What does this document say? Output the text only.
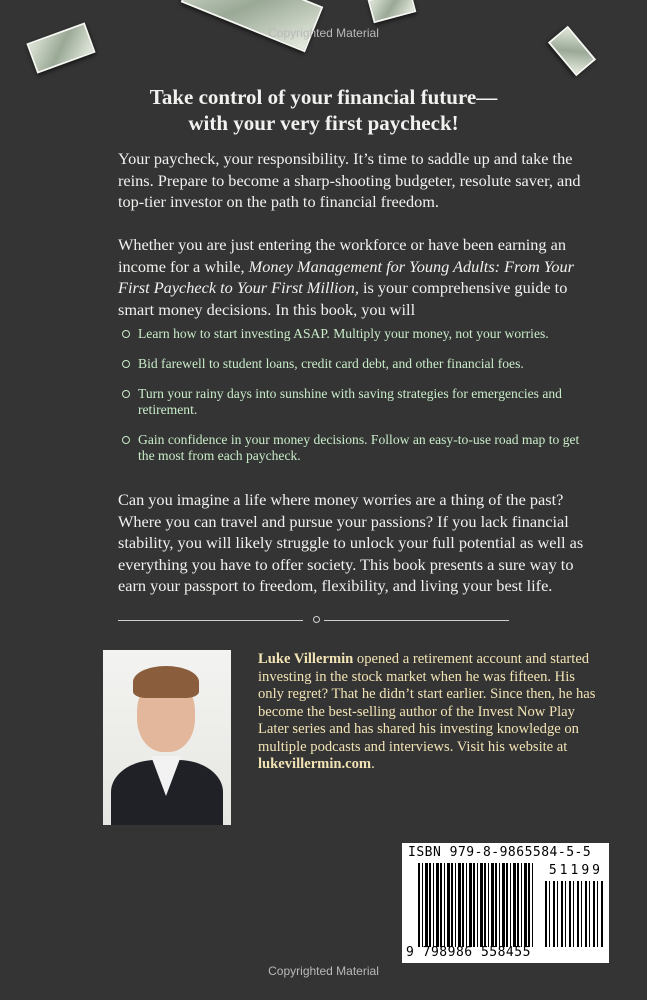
Copyrighted Material
Take control of your financial future—
with your very first paycheck!

Your paycheck, your responsibility. It’s time to saddle up and take the reins. Prepare to become a sharp-shooting budgeter, resolute saver, and top-tier investor on the path to financial freedom.

Whether you are just entering the workforce or have been earning an income for a while, Money Management for Young Adults: From Your First Paycheck to Your First Million, is your comprehensive guide to smart money decisions. In this book, you will

Learn how to start investing ASAP. Multiply your money, not your worries.
Bid farewell to student loans, credit card debt, and other financial foes.
Turn your rainy days into sunshine with saving strategies for emergencies and retirement.
Gain confidence in your money decisions. Follow an easy-to-use road map to get the most from each paycheck.

Can you imagine a life where money worries are a thing of the past? Where you can travel and pursue your passions? If you lack financial stability, you will likely struggle to unlock your full potential as well as everything you have to offer society. This book presents a sure way to earn your passport to freedom, flexibility, and living your best life.

Luke Villermin opened a retirement account and started investing in the stock market when he was fifteen. His only regret? That he didn’t start earlier. Since then, he has become the best-selling author of the Invest Now Play Later series and has shared his investing knowledge on multiple podcasts and interviews. Visit his website at lukevillermin.com.

ISBN 979-8-9865584-5-5
51199
9 798986 558455
Copyrighted Material
